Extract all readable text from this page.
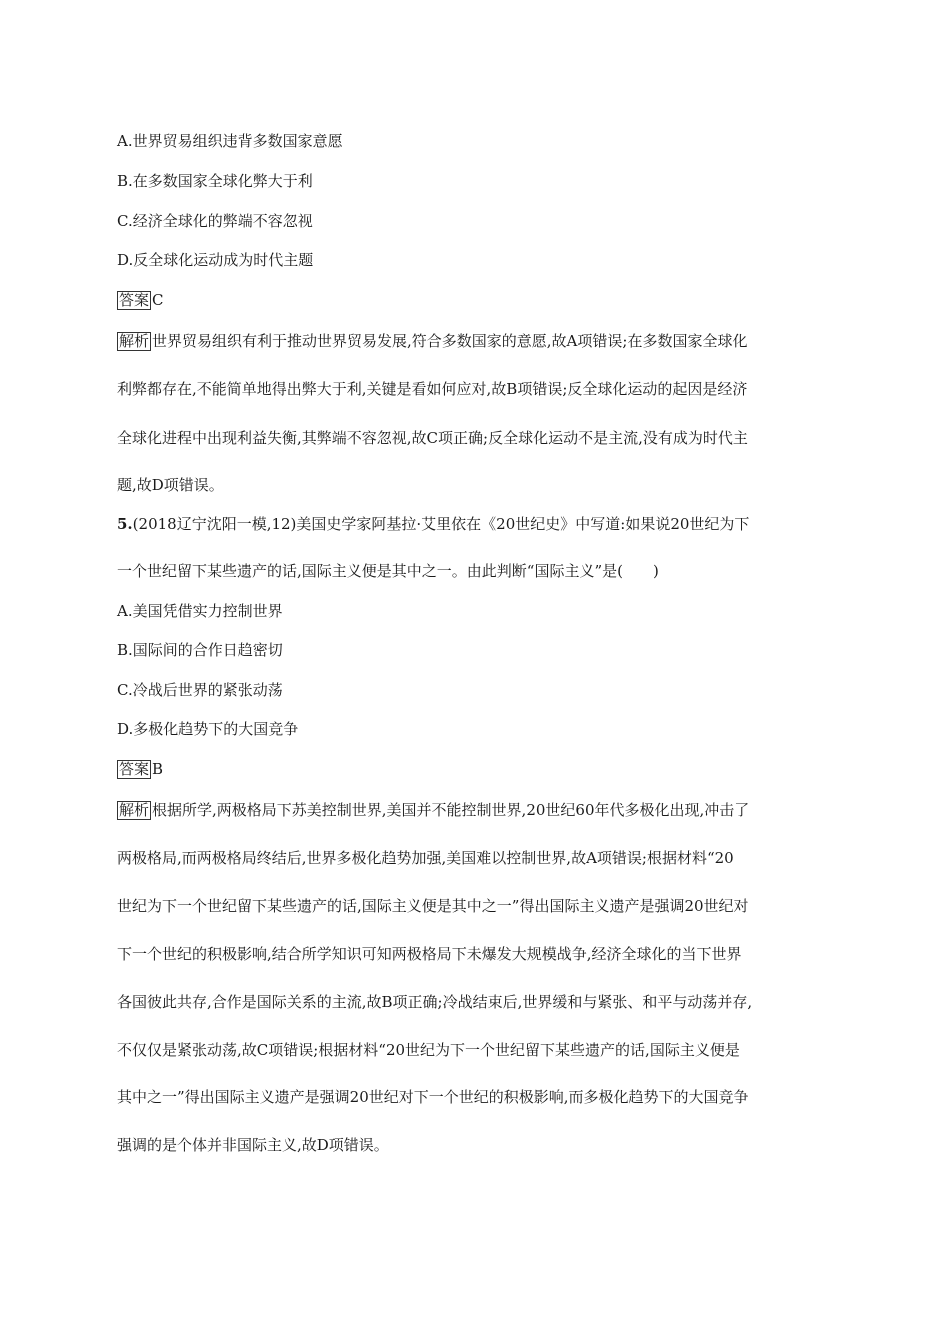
A.世界贸易组织违背多数国家意愿
B.在多数国家全球化弊大于利
C.经济全球化的弊端不容忽视
D.反全球化运动成为时代主题
答案 C
解析 世界贸易组织有利于推动世界贸易发展,符合多数国家的意愿,故A项错误;在多数国家全球化
利弊都存在,不能简单地得出弊大于利,关键是看如何应对,故B项错误;反全球化运动的起因是经济
全球化进程中出现利益失衡,其弊端不容忽视,故C项正确;反全球化运动不是主流,没有成为时代主
题,故D项错误。
5.(2018辽宁沈阳一模,12)美国史学家阿基拉·艾里依在《20世纪史》中写道:如果说20世纪为下
一个世纪留下某些遗产的话,国际主义便是其中之一。由此判断“国际主义”是(　　)
A.美国凭借实力控制世界
B.国际间的合作日趋密切
C.冷战后世界的紧张动荡
D.多极化趋势下的大国竞争
答案 B
解析 根据所学,两极格局下苏美控制世界,美国并不能控制世界,20世纪60年代多极化出现,冲击了
两极格局,而两极格局终结后,世界多极化趋势加强,美国难以控制世界,故A项错误;根据材料“20
世纪为下一个世纪留下某些遗产的话,国际主义便是其中之一”得出国际主义遗产是强调20世纪对
下一个世纪的积极影响,结合所学知识可知两极格局下未爆发大规模战争,经济全球化的当下世界
各国彼此共存,合作是国际关系的主流,故B项正确;冷战结束后,世界缓和与紧张、和平与动荡并存,
不仅仅是紧张动荡,故C项错误;根据材料“20世纪为下一个世纪留下某些遗产的话,国际主义便是
其中之一”得出国际主义遗产是强调20世纪对下一个世纪的积极影响,而多极化趋势下的大国竞争
强调的是个体并非国际主义,故D项错误。
